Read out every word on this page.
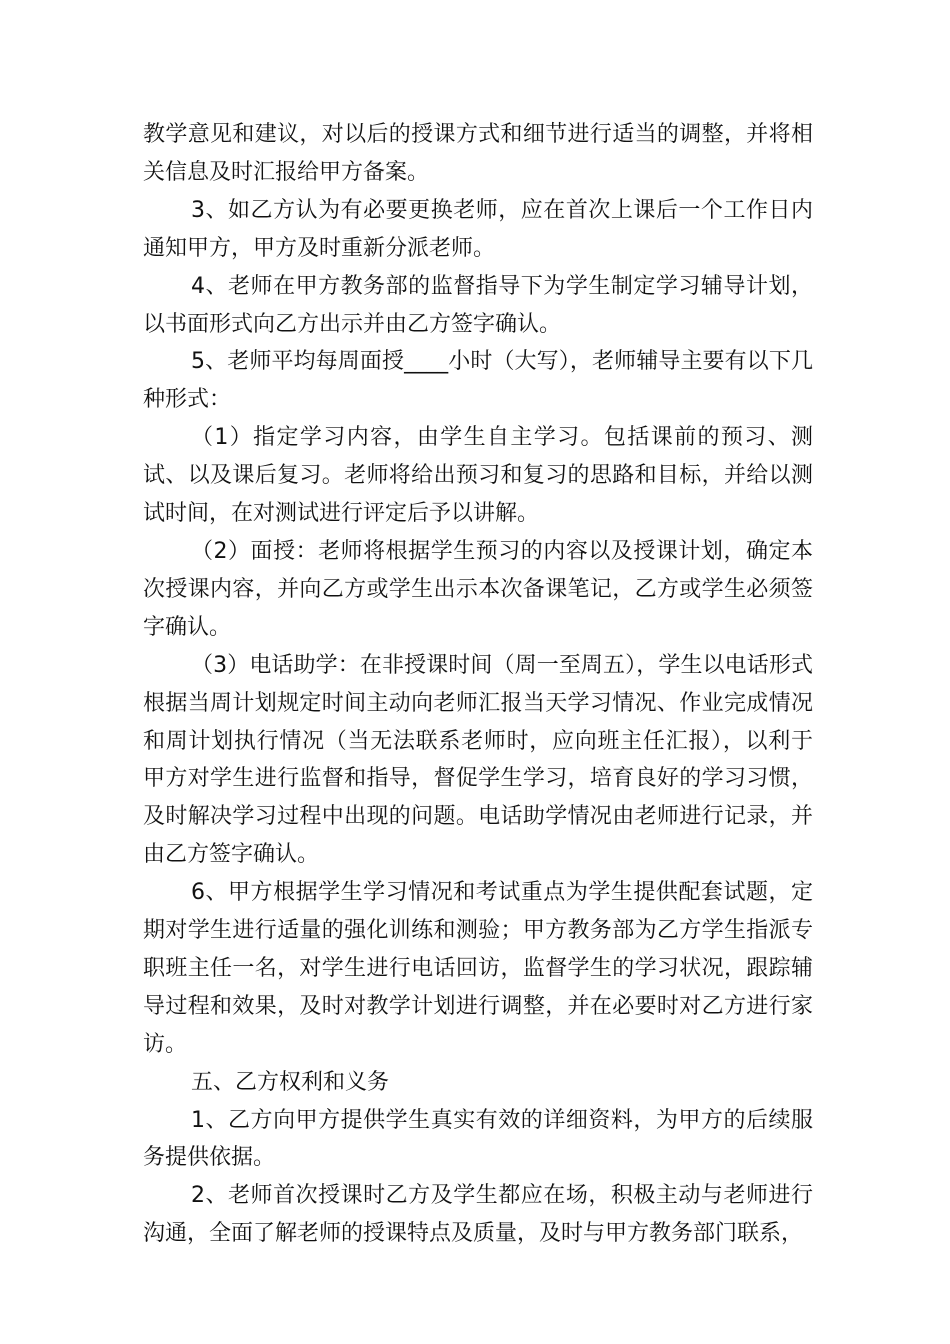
教学意见和建议，对以后的授课方式和细节进行适当的调整，并将相关信息及时汇报给甲方备案。

3、如乙方认为有必要更换老师，应在首次上课后一个工作日内通知甲方，甲方及时重新分派老师。

4、老师在甲方教务部的监督指导下为学生制定学习辅导计划，以书面形式向乙方出示并由乙方签字确认。

5、老师平均每周面授____小时（大写），老师辅导主要有以下几种形式：

（1）指定学习内容，由学生自主学习。包括课前的预习、测试、以及课后复习。老师将给出预习和复习的思路和目标，并给以测试时间，在对测试进行评定后予以讲解。

（2）面授：老师将根据学生预习的内容以及授课计划，确定本次授课内容，并向乙方或学生出示本次备课笔记，乙方或学生必须签字确认。

（3）电话助学：在非授课时间（周一至周五），学生以电话形式根据当周计划规定时间主动向老师汇报当天学习情况、作业完成情况和周计划执行情况（当无法联系老师时，应向班主任汇报），以利于甲方对学生进行监督和指导，督促学生学习，培育良好的学习习惯，及时解决学习过程中出现的问题。电话助学情况由老师进行记录，并由乙方签字确认。

6、甲方根据学生学习情况和考试重点为学生提供配套试题，定期对学生进行适量的强化训练和测验；甲方教务部为乙方学生指派专职班主任一名，对学生进行电话回访，监督学生的学习状况，跟踪辅导过程和效果，及时对教学计划进行调整，并在必要时对乙方进行家访。

五、乙方权利和义务

1、乙方向甲方提供学生真实有效的详细资料，为甲方的后续服务提供依据。

2、老师首次授课时乙方及学生都应在场，积极主动与老师进行沟通，全面了解老师的授课特点及质量，及时与甲方教务部门联系，
